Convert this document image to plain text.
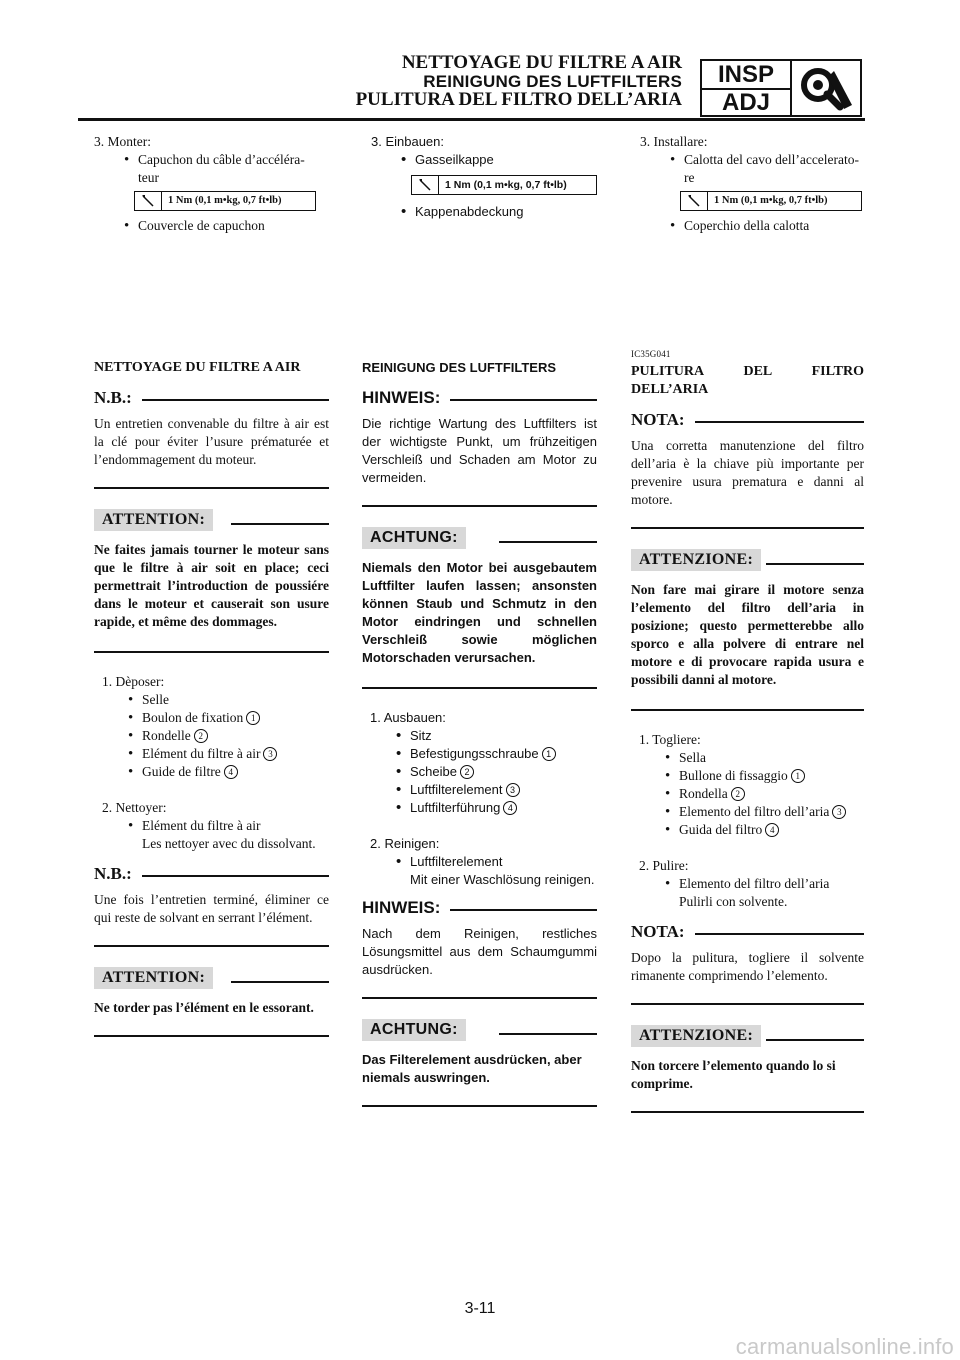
NETTOYAGE DU FILTRE A AIR
REINIGUNG DES LUFTFILTERS
PULITURA DEL FILTRO DELL’ARIA
INSP
ADJ
3. Monter:
• Capuchon du câble d’accéléra-
teur
1 Nm (0,1 m•kg, 0,7 ft•lb)
• Couvercle de capuchon
3. Einbauen:
• Gasseilkappe
1 Nm (0,1 m•kg, 0,7 ft•lb)
• Kappenabdeckung
3. Installare:
• Calotta del cavo dell’accelerato-
re
1 Nm (0,1 m•kg, 0,7 ft•lb)
• Coperchio della calotta
NETTOYAGE DU FILTRE A AIR
N.B.:
Un entretien convenable du filtre à air est la clé pour éviter l’usure prématurée et l’endommagement du moteur.
ATTENTION:
Ne faites jamais tourner le moteur sans que le filtre à air soit en place; ceci permettrait l’introduction de poussiére dans le moteur et causerait son usure rapide, et même des dommages.
1. Dèposer:
• Selle
• Boulon de fixation 1
• Rondelle 2
• Elément du filtre à air 3
• Guide de filtre 4
2. Nettoyer:
• Elément du filtre à air
Les nettoyer avec du dissolvant.
N.B.:
Une fois l’entretien terminé, éliminer ce qui reste de solvant en serrant l’élément.
ATTENTION:
Ne torder pas l’élément en le essorant.
REINIGUNG DES LUFTFILTERS
HINWEIS:
Die richtige Wartung des Luftfilters ist der wichtigste Punkt, um frühzeitigen Verschleiß und Schaden am Motor zu vermeiden.
ACHTUNG:
Niemals den Motor bei ausgebautem Luftfilter laufen lassen; ansonsten können Staub und Schmutz in den Motor eindringen und schnellen Verschleiß sowie möglichen Motorschaden verursachen.
1. Ausbauen:
• Sitz
• Befestigungsschraube 1
• Scheibe 2
• Luftfilterelement 3
• Luftfilterführung 4
2. Reinigen:
• Luftfilterelement
Mit einer Waschlösung reinigen.
HINWEIS:
Nach dem Reinigen, restliches Lösungsmittel aus dem Schaumgummi ausdrücken.
ACHTUNG:
Das Filterelement ausdrücken, aber niemals auswringen.
IC35G041
PULITURA DEL FILTRO DELL’ARIA
NOTA:
Una corretta manutenzione del filtro dell’aria è la chiave più importante per prevenire usura prematura e danni al motore.
ATTENZIONE:
Non fare mai girare il motore senza l’elemento del filtro dell’aria in posizione; questo permetterebbe allo sporco e alla polvere di entrare nel motore e di provocare rapida usura e possibili danni al motore.
1. Togliere:
• Sella
• Bullone di fissaggio 1
• Rondella 2
• Elemento del filtro dell’aria 3
• Guida del filtro 4
2. Pulire:
• Elemento del filtro dell’aria
Pulirli con solvente.
NOTA:
Dopo la pulitura, togliere il solvente rimanente comprimendo l’elemento.
ATTENZIONE:
Non torcere l’elemento quando lo si comprime.
3-11
carmanualsonline.info
